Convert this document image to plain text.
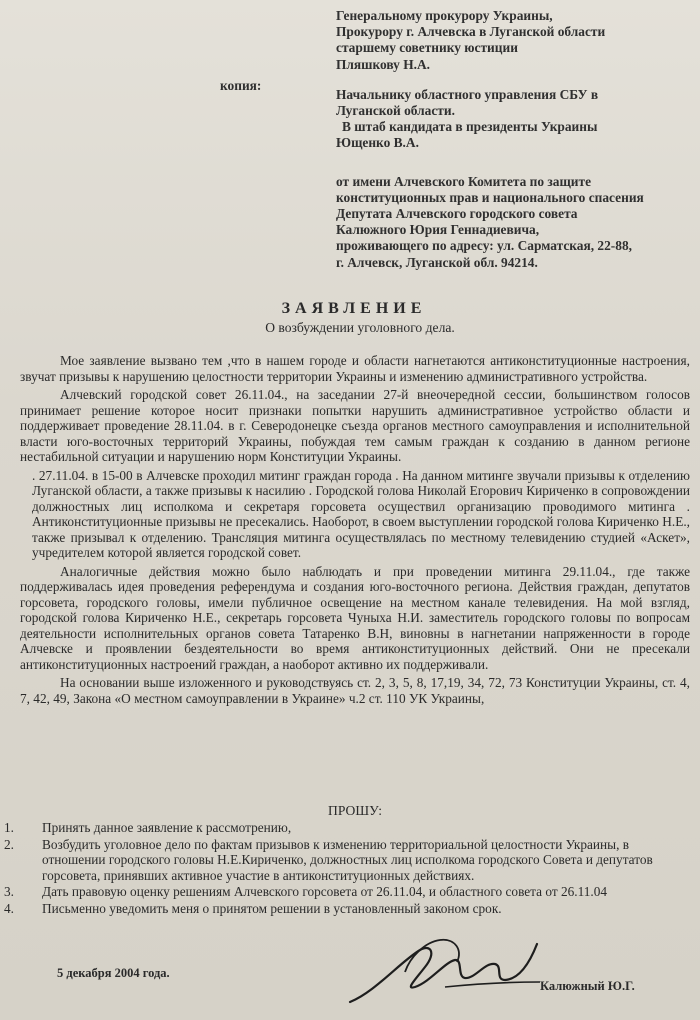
Генеральному прокурору Украины,
Прокурору г. Алчевска в Луганской области
старшему советнику юстиции
Пляшкову Н.А.
Начальнику областного управления СБУ в
Луганской области.
В штаб кандидата в президенты Украины
Ющенко В.А.
от имени Алчевского Комитета по защите
конституционных прав и национального спасения
Депутата Алчевского городского совета
Калюжного Юрия Геннадиевича,
проживающего по адресу: ул. Сарматская, 22-88,
г. Алчевск, Луганской обл. 94214.
копия:
ЗАЯВЛЕНИЕ
О возбуждении уголовного дела.

Мое заявление вызвано тем ,что в нашем городе и области нагнетаются антиконституционные настроения, звучат призывы к нарушению целостности территории Украины и изменению административного устройства.

Алчевский городской совет 26.11.04., на заседании 27-й внеочередной сессии, большинством голосов принимает решение которое носит признаки попытки нарушить административное устройство области и поддерживает проведение 28.11.04. в г. Северодонецке съезда органов местного самоуправления и исполнительной власти юго-восточных территорий Украины, побуждая тем самым граждан к созданию в данном регионе нестабильной ситуации и нарушению норм Конституции Украины.

. 27.11.04. в 15-00 в Алчевске проходил митинг граждан города . На данном митинге звучали призывы к отделению Луганской области, а также призывы к насилию . Городской голова Николай Егорович Кириченко в сопровождении должностных лиц исполкома и секретаря горсовета осуществил организацию проводимого митинга . Антиконституционные призывы не пресекались. Наоборот, в своем выступлении городской голова Кириченко Н.Е., также призывал к отделению. Трансляция митинга осуществлялась по местному телевидению студией «Аскет», учредителем которой является городской совет.

Аналогичные действия можно было наблюдать и при проведении митинга 29.11.04., где также поддерживалась идея проведения референдума и создания юго-восточного региона. Действия граждан, депутатов горсовета, городского головы, имели публичное освещение на местном канале телевидения. На мой взгляд, городской голова Кириченко Н.Е., секретарь горсовета Чуныха Н.И. заместитель городского головы по вопросам деятельности исполнительных органов совета Татаренко В.Н, виновны в нагнетании напряженности в городе Алчевске и проявлении бездеятельности во время антиконституционных действий. Они не пресекали антиконституционных настроений граждан, а наоборот активно их поддерживали.

На основании выше изложенного и руководствуясь ст. 2, 3, 5, 8, 17,19, 34, 72, 73 Конституции Украины, ст. 4, 7, 42, 49, Закона «О местном самоуправлении в Украине» ч.2 ст. 110 УК Украины,

ПРОШУ:
1.	Принять данное заявление к рассмотрению,
2.	Возбудить уголовное дело по фактам призывов к изменению территориальной целостности Украины, в отношении городского головы Н.Е.Кириченко, должностных лиц исполкома городского Совета и депутатов горсовета, принявших активное участие в антиконституционных действиях.
3.	Дать правовую оценку решениям Алчевского горсовета от 26.11.04, и областного совета от 26.11.04
4.	Письменно уведомить меня о принятом решении в установленный законом срок.
5 декабря 2004 года.
Калюжный Ю.Г.
